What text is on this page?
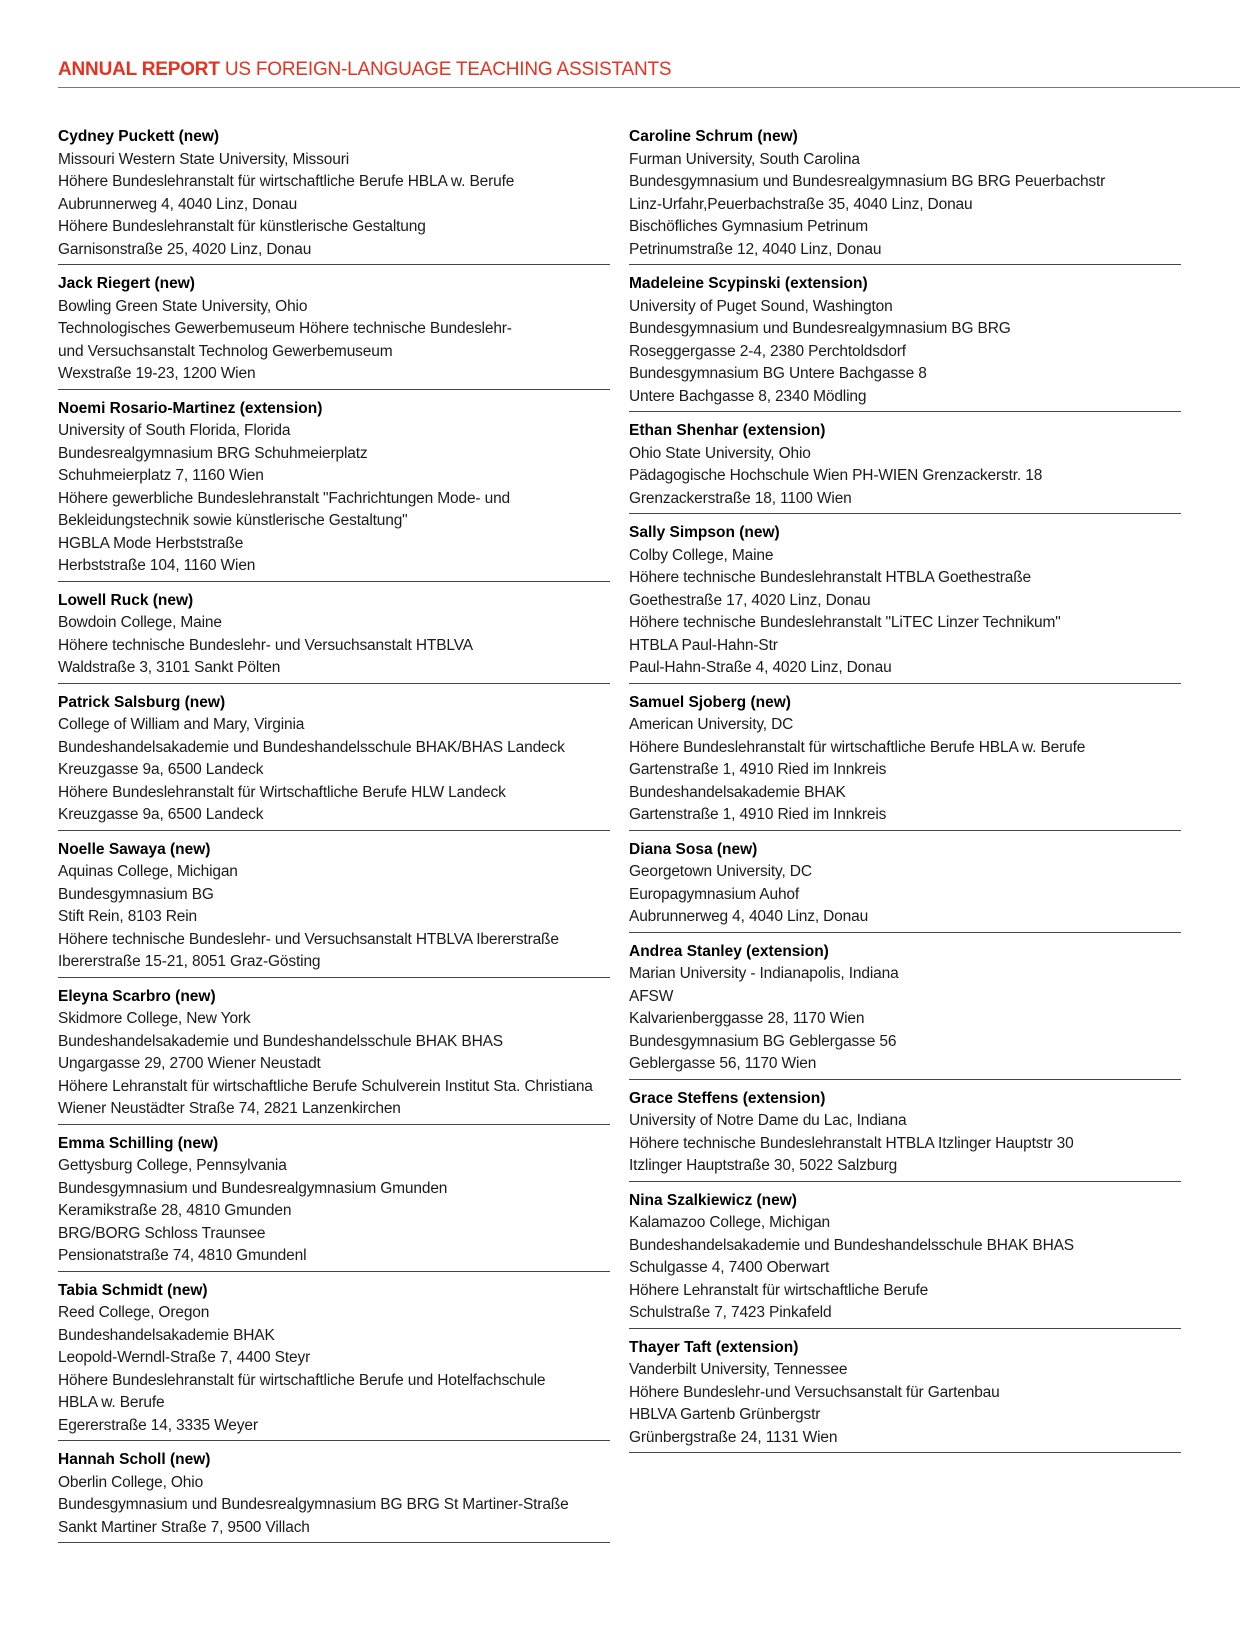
ANNUAL REPORT US FOREIGN-LANGUAGE TEACHING ASSISTANTS
Cydney Puckett (new)
Missouri Western State University, Missouri
Höhere Bundeslehranstalt für wirtschaftliche Berufe HBLA w. Berufe
Aubrunnerweg 4, 4040 Linz, Donau
Höhere Bundeslehranstalt für künstlerische Gestaltung
Garnisonstraße 25, 4020 Linz, Donau
Jack Riegert (new)
Bowling Green State University, Ohio
Technologisches Gewerbemuseum Höhere technische Bundeslehr-
und Versuchsanstalt Technolog Gewerbemuseum
Wexstraße 19-23, 1200 Wien
Noemi Rosario-Martinez (extension)
University of South Florida, Florida
Bundesrealgymnasium BRG Schuhmeierplatz
Schuhmeierplatz 7, 1160 Wien
Höhere gewerbliche Bundeslehranstalt "Fachrichtungen Mode- und
Bekleidungstechnik sowie künstlerische Gestaltung"
HGBLA Mode Herbststraße
Herbststraße 104, 1160 Wien
Lowell Ruck (new)
Bowdoin College, Maine
Höhere technische Bundeslehr- und Versuchsanstalt HTBLVA
Waldstraße 3, 3101 Sankt Pölten
Patrick Salsburg (new)
College of William and Mary, Virginia
Bundeshandelsakademie und Bundeshandelsschule BHAK/BHAS Landeck
Kreuzgasse 9a, 6500 Landeck
Höhere Bundeslehranstalt für Wirtschaftliche Berufe HLW Landeck
Kreuzgasse 9a, 6500 Landeck
Noelle Sawaya (new)
Aquinas College, Michigan
Bundesgymnasium BG
Stift Rein, 8103 Rein
Höhere technische Bundeslehr- und Versuchsanstalt HTBLVA Ibererstraße
Ibererstraße 15-21, 8051 Graz-Gösting
Eleyna Scarbro (new)
Skidmore College, New York
Bundeshandelsakademie und Bundeshandelsschule BHAK BHAS
Ungargasse 29, 2700 Wiener Neustadt
Höhere Lehranstalt für wirtschaftliche Berufe Schulverein Institut Sta. Christiana
Wiener Neustädter Straße 74, 2821 Lanzenkirchen
Emma Schilling (new)
Gettysburg College, Pennsylvania
Bundesgymnasium und Bundesrealgymnasium Gmunden
Keramikstraße 28, 4810 Gmunden
BRG/BORG Schloss Traunsee
Pensionatstraße 74, 4810 Gmundenl
Tabia Schmidt (new)
Reed College, Oregon
Bundeshandelsakademie BHAK
Leopold-Werndl-Straße 7, 4400 Steyr
Höhere Bundeslehranstalt für wirtschaftliche Berufe und Hotelfachschule
HBLA w. Berufe
Egererstraße 14, 3335 Weyer
Hannah Scholl (new)
Oberlin College, Ohio
Bundesgymnasium und Bundesrealgymnasium BG BRG St Martiner-Straße
Sankt Martiner Straße 7, 9500 Villach
Caroline Schrum (new)
Furman University, South Carolina
Bundesgymnasium und Bundesrealgymnasium BG BRG Peuerbachstr
Linz-Urfahr,Peuerbachstraße 35, 4040 Linz, Donau
Bischöfliches Gymnasium Petrinum
Petrinumstraße 12, 4040 Linz, Donau
Madeleine Scypinski (extension)
University of Puget Sound, Washington
Bundesgymnasium und Bundesrealgymnasium BG BRG
Roseggergasse 2-4, 2380 Perchtoldsdorf
Bundesgymnasium BG Untere Bachgasse 8
Untere Bachgasse 8, 2340 Mödling
Ethan Shenhar (extension)
Ohio State University, Ohio
Pädagogische Hochschule Wien PH-WIEN Grenzackerstr. 18
Grenzackerstraße 18, 1100 Wien
Sally Simpson (new)
Colby College, Maine
Höhere technische Bundeslehranstalt HTBLA Goethestraße
Goethestraße 17, 4020 Linz, Donau
Höhere technische Bundeslehranstalt "LiTEC Linzer Technikum"
HTBLA Paul-Hahn-Str
Paul-Hahn-Straße 4, 4020 Linz, Donau
Samuel Sjoberg (new)
American University, DC
Höhere Bundeslehranstalt für wirtschaftliche Berufe HBLA w. Berufe
Gartenstraße 1, 4910 Ried im Innkreis
Bundeshandelsakademie BHAK
Gartenstraße 1, 4910 Ried im Innkreis
Diana Sosa (new)
Georgetown University, DC
Europagymnasium Auhof
Aubrunnerweg 4, 4040 Linz, Donau
Andrea Stanley (extension)
Marian University - Indianapolis, Indiana
AFSW
Kalvarienberggasse 28, 1170 Wien
Bundesgymnasium BG Geblergasse 56
Geblergasse 56, 1170 Wien
Grace Steffens (extension)
University of Notre Dame du Lac, Indiana
Höhere technische Bundeslehranstalt HTBLA Itzlinger Hauptstr 30
Itzlinger Hauptstraße 30, 5022 Salzburg
Nina Szalkiewicz (new)
Kalamazoo College, Michigan
Bundeshandelsakademie und Bundeshandelsschule BHAK BHAS
Schulgasse 4, 7400 Oberwart
Höhere Lehranstalt für wirtschaftliche Berufe
Schulstraße 7, 7423 Pinkafeld
Thayer Taft (extension)
Vanderbilt University, Tennessee
Höhere Bundeslehr-und Versuchsanstalt für Gartenbau
HBLVA Gartenb Grünbergstr
Grünbergstraße 24, 1131 Wien
